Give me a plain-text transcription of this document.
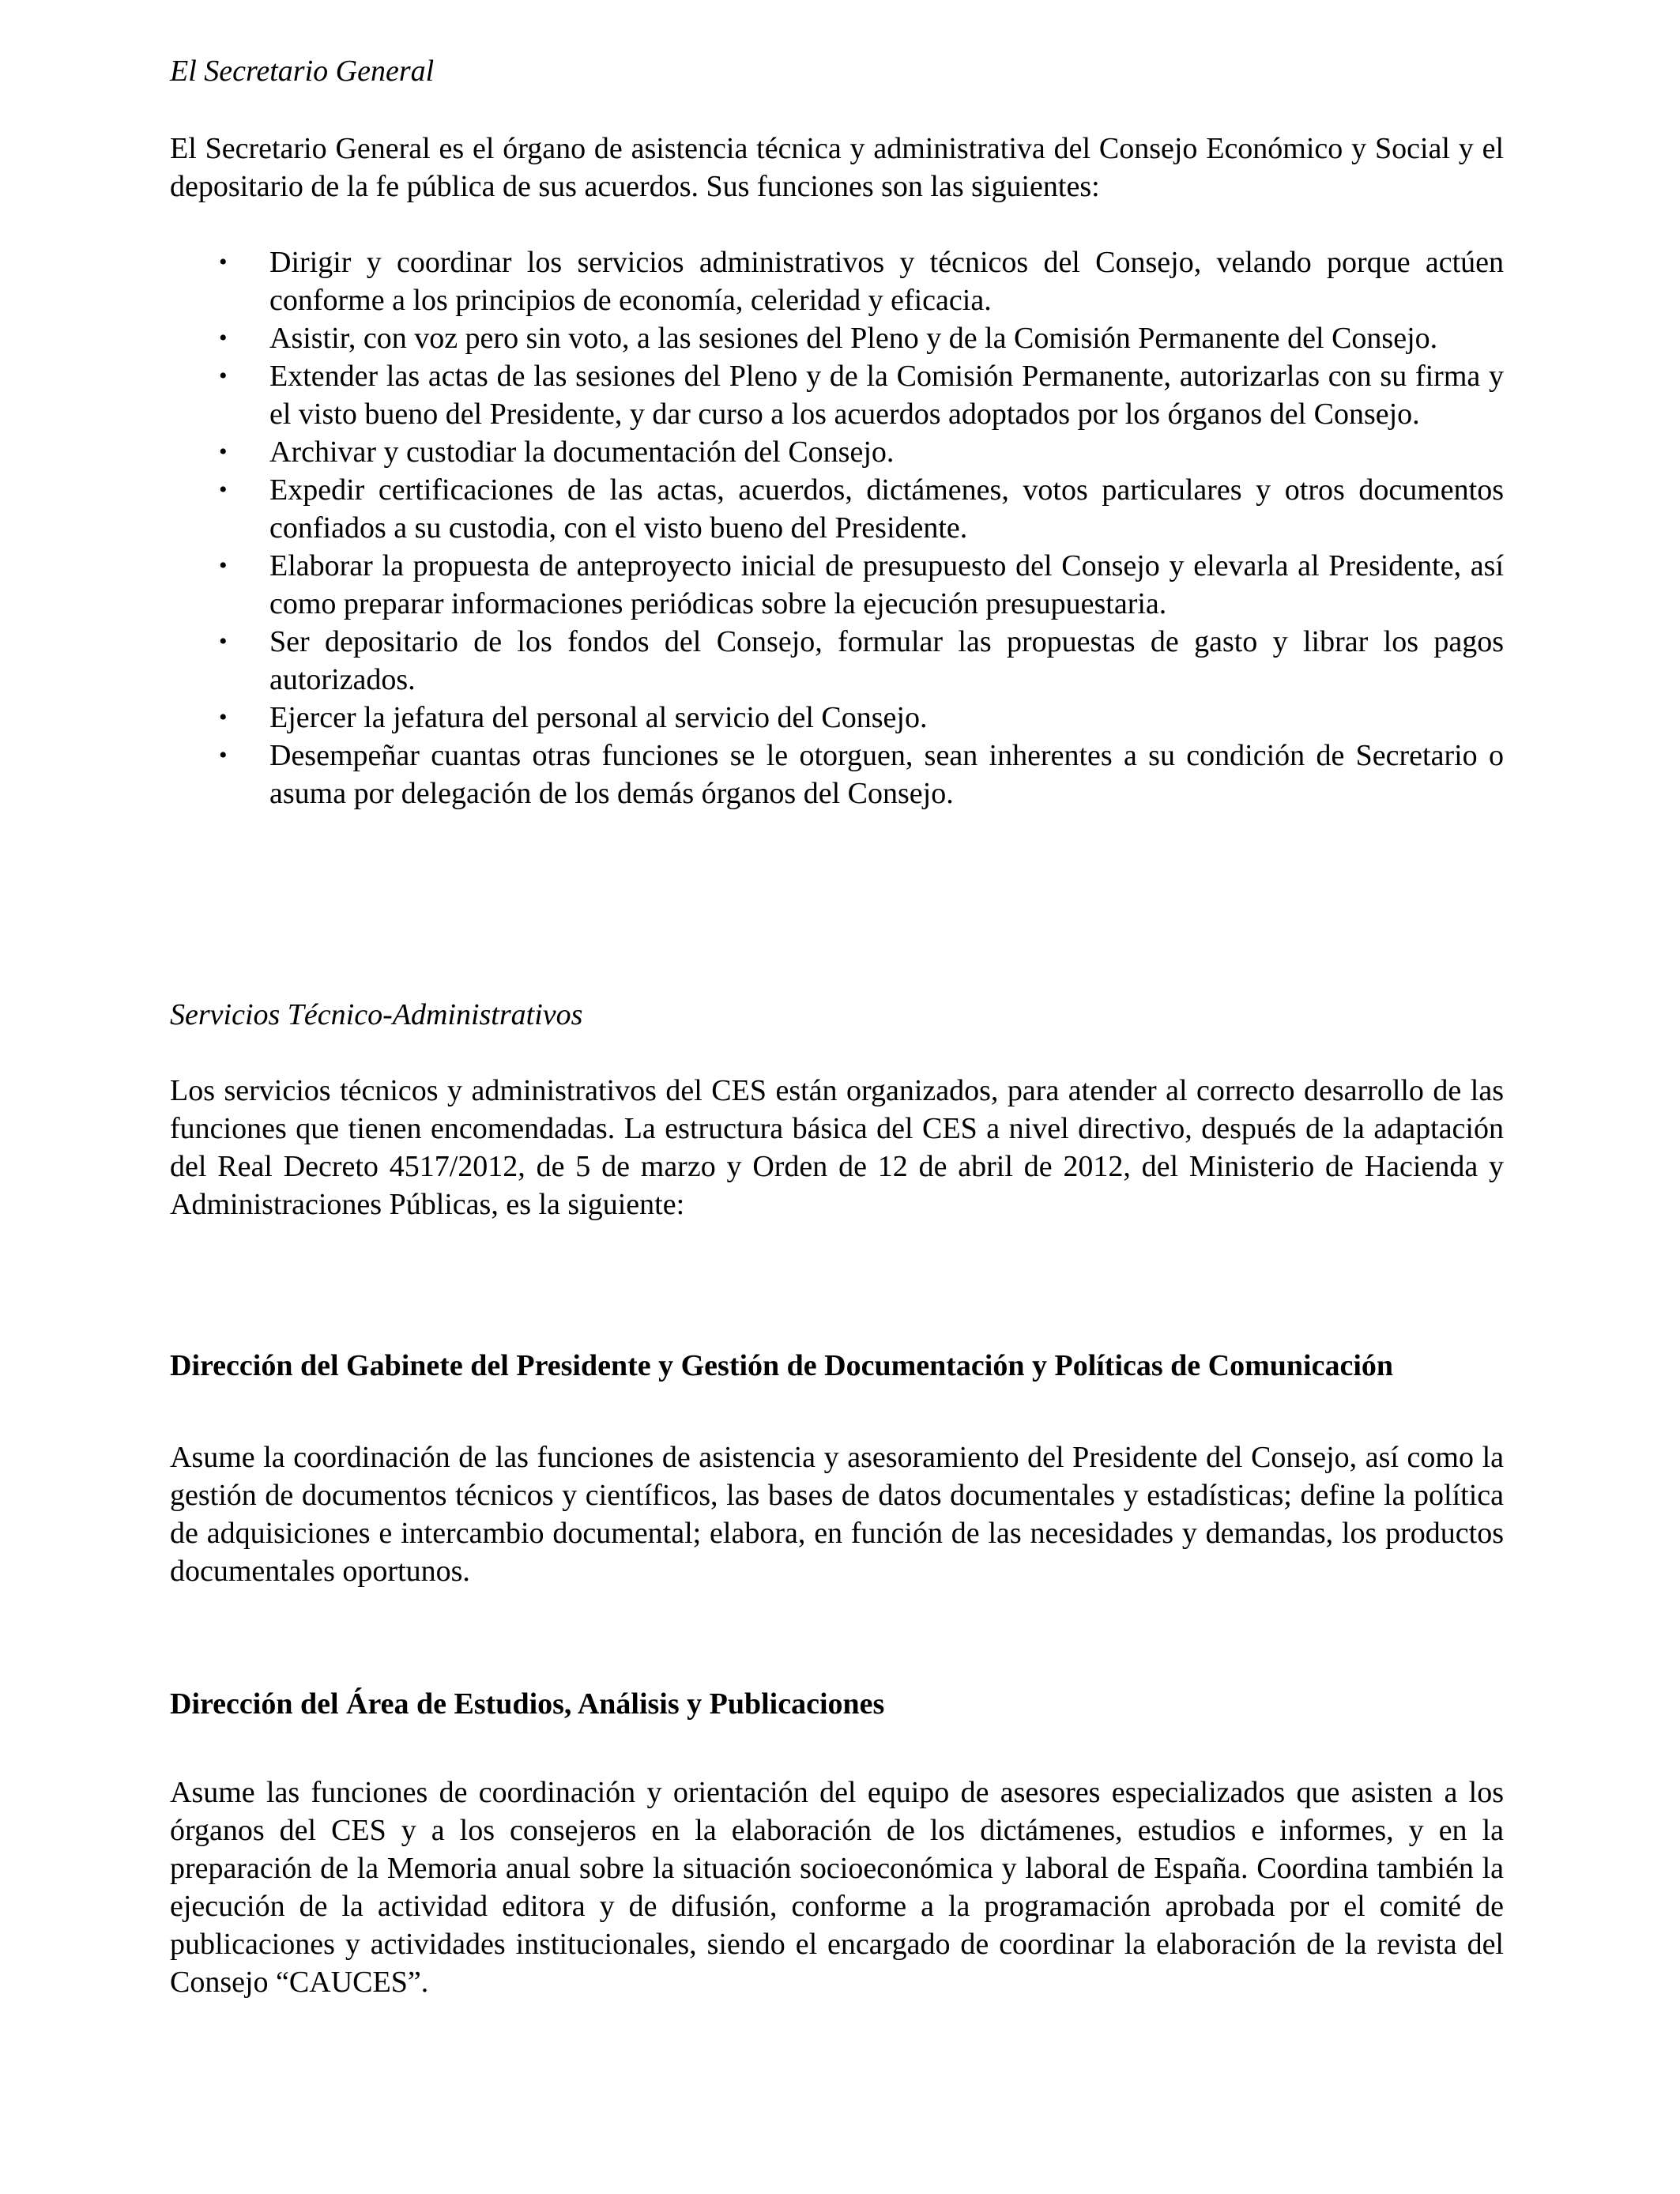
El Secretario General

El Secretario General es el órgano de asistencia técnica y administrativa del Consejo Económico y Social y el depositario de la fe pública de sus acuerdos. Sus funciones son las siguientes:

• Dirigir y coordinar los servicios administrativos y técnicos del Consejo, velando porque actúen conforme a los principios de economía, celeridad y eficacia.
• Asistir, con voz pero sin voto, a las sesiones del Pleno y de la Comisión Permanente del Consejo.
• Extender las actas de las sesiones del Pleno y de la Comisión Permanente, autorizarlas con su firma y el visto bueno del Presidente, y dar curso a los acuerdos adoptados por los órganos del Consejo.
• Archivar y custodiar la documentación del Consejo.
• Expedir certificaciones de las actas, acuerdos, dictámenes, votos particulares y otros documentos confiados a su custodia, con el visto bueno del Presidente.
• Elaborar la propuesta de anteproyecto inicial de presupuesto del Consejo y elevarla al Presidente, así como preparar informaciones periódicas sobre la ejecución presupuestaria.
• Ser depositario de los fondos del Consejo, formular las propuestas de gasto y librar los pagos autorizados.
• Ejercer la jefatura del personal al servicio del Consejo.
• Desempeñar cuantas otras funciones se le otorguen, sean inherentes a su condición de Secretario o asuma por delegación de los demás órganos del Consejo.

Servicios Técnico-Administrativos

Los servicios técnicos y administrativos del CES están organizados, para atender al correcto desarrollo de las funciones que tienen encomendadas. La estructura básica del CES a nivel directivo, después de la adaptación del Real Decreto 4517/2012, de 5 de marzo y Orden de 12 de abril de 2012, del Ministerio de Hacienda y Administraciones Públicas, es la siguiente:

Dirección del Gabinete del Presidente y Gestión de Documentación y Políticas de Comunicación

Asume la coordinación de las funciones de asistencia y asesoramiento del Presidente del Consejo, así como la gestión de documentos técnicos y científicos, las bases de datos documentales y estadísticas; define la política de adquisiciones e intercambio documental; elabora, en función de las necesidades y demandas, los productos documentales oportunos.

Dirección del Área de Estudios, Análisis y Publicaciones

Asume las funciones de coordinación y orientación del equipo de asesores especializados que asisten a los órganos del CES y a los consejeros en la elaboración de los dictámenes, estudios e informes, y en la preparación de la Memoria anual sobre la situación socioeconómica y laboral de España. Coordina también la ejecución de la actividad editora y de difusión, conforme a la programación aprobada por el comité de publicaciones y actividades institucionales, siendo el encargado de coordinar la elaboración de la revista del Consejo “CAUCES”.
